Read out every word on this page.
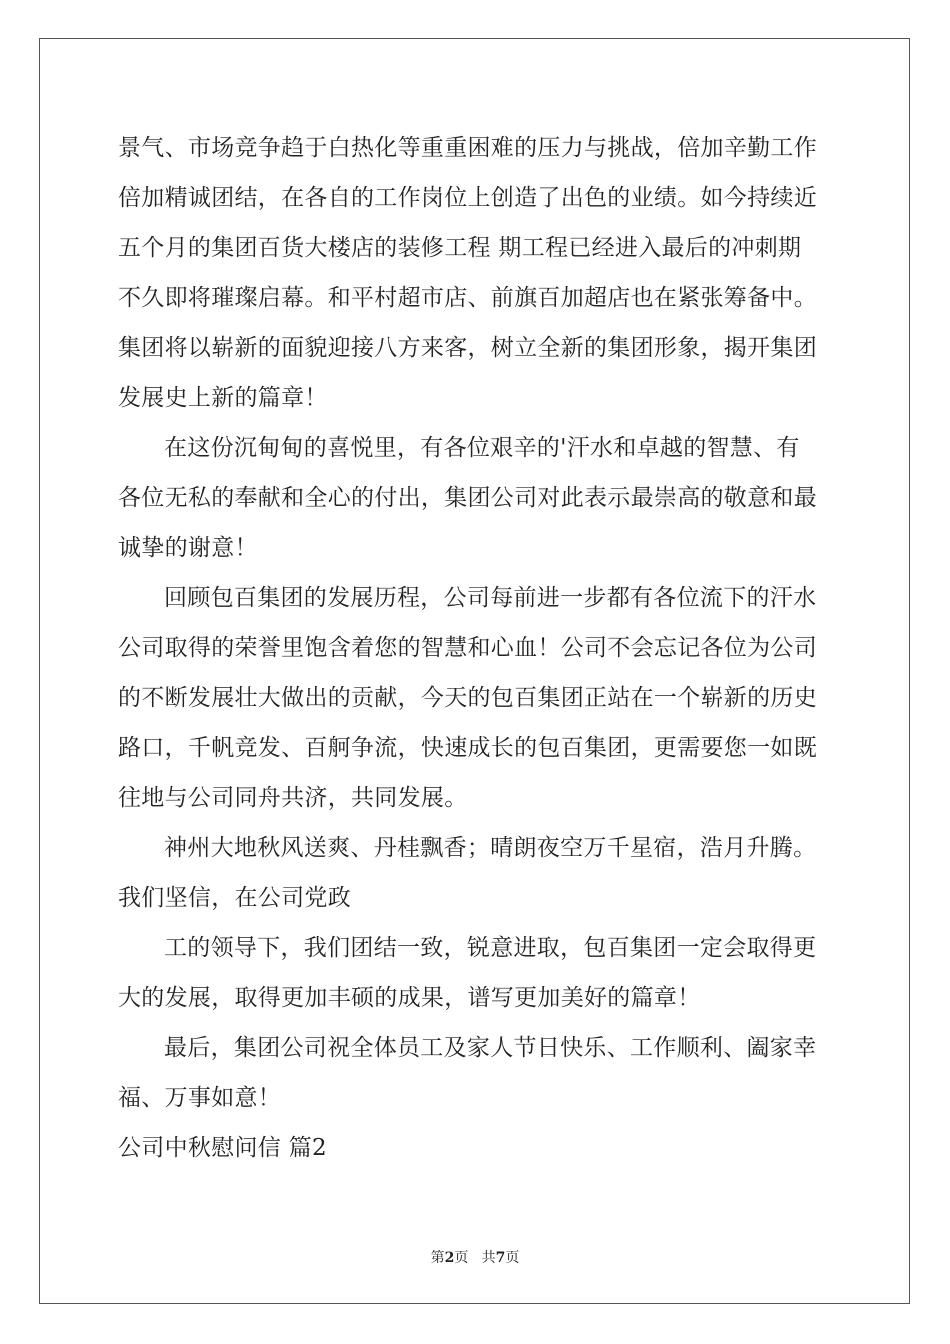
景气、市场竞争趋于白热化等重重困难的压力与挑战，倍加辛勤工作
倍加精诚团结，在各自的工作岗位上创造了出色的业绩。如今持续近
五个月的集团百货大楼店的装修工程 期工程已经进入最后的冲刺期
不久即将璀璨启幕。和平村超市店、前旗百加超店也在紧张筹备中。
集团将以崭新的面貌迎接八方来客，树立全新的集团形象，揭开集团
发展史上新的篇章！
在这份沉甸甸的喜悦里，有各位艰辛的'汗水和卓越的智慧、有
各位无私的奉献和全心的付出，集团公司对此表示最崇高的敬意和最
诚挚的谢意！
回顾包百集团的发展历程，公司每前进一步都有各位流下的汗水
公司取得的荣誉里饱含着您的智慧和心血！公司不会忘记各位为公司
的不断发展壮大做出的贡献，今天的包百集团正站在一个崭新的历史
路口，千帆竞发、百舸争流，快速成长的包百集团，更需要您一如既
往地与公司同舟共济，共同发展。
神州大地秋风送爽、丹桂飘香；晴朗夜空万千星宿，浩月升腾。
我们坚信，在公司党政
工的领导下，我们团结一致，锐意进取，包百集团一定会取得更
大的发展，取得更加丰硕的成果，谱写更加美好的篇章！
最后，集团公司祝全体员工及家人节日快乐、工作顺利、阖家幸
福、万事如意！
公司中秋慰问信 篇2
第2页 共7页
